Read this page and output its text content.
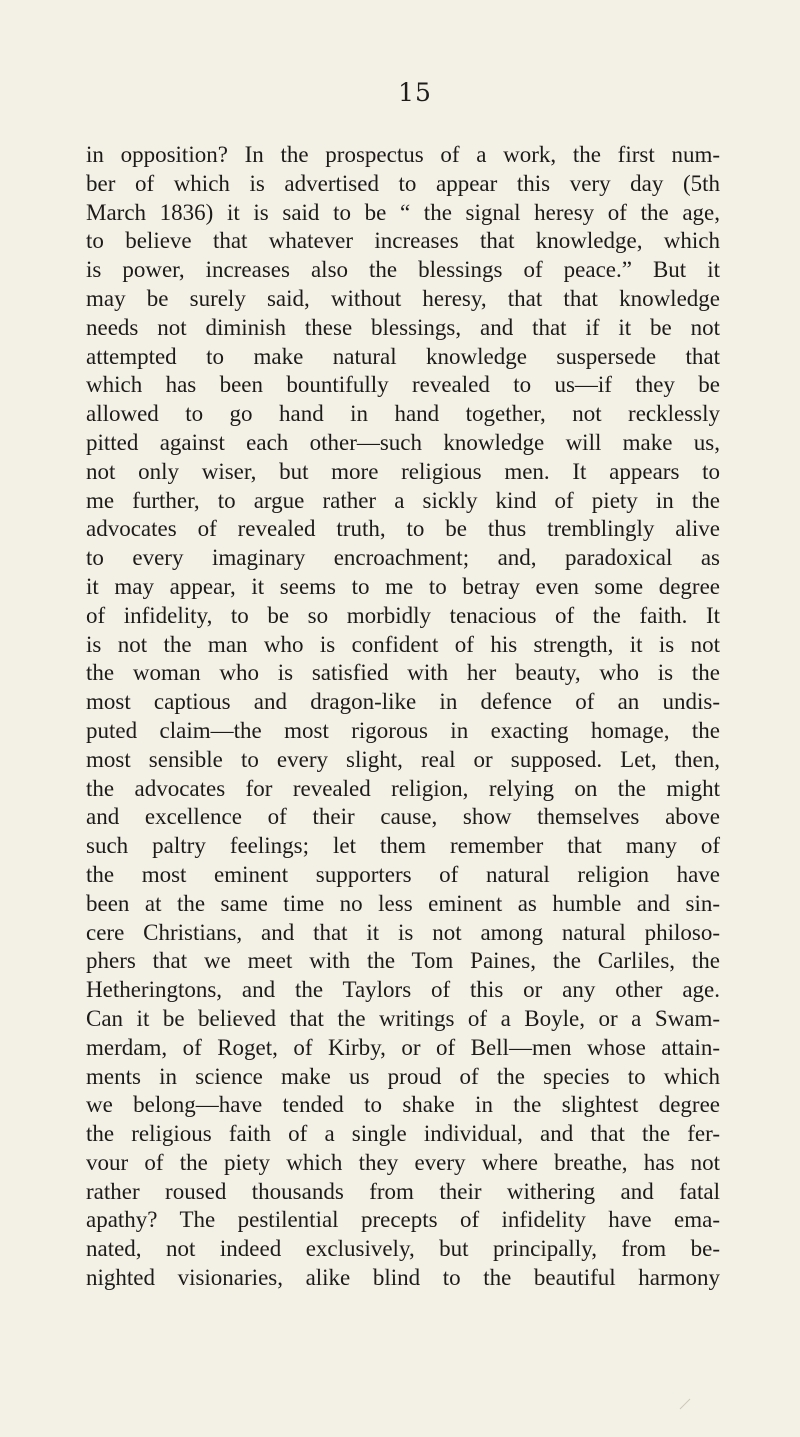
15
in opposition? In the prospectus of a work, the first num-
ber of which is advertised to appear this very day (5th
March 1836) it is said to be “ the signal heresy of the age,
to believe that whatever increases that knowledge, which
is power, increases also the blessings of peace.” But it
may be surely said, without heresy, that that knowledge
needs not diminish these blessings, and that if it be not
attempted to make natural knowledge suspersede that
which has been bountifully revealed to us—if they be
allowed to go hand in hand together, not recklessly
pitted against each other—such knowledge will make us,
not only wiser, but more religious men. It appears to
me further, to argue rather a sickly kind of piety in the
advocates of revealed truth, to be thus tremblingly alive
to every imaginary encroachment; and, paradoxical as
it may appear, it seems to me to betray even some degree
of infidelity, to be so morbidly tenacious of the faith. It
is not the man who is confident of his strength, it is not
the woman who is satisfied with her beauty, who is the
most captious and dragon-like in defence of an undis-
puted claim—the most rigorous in exacting homage, the
most sensible to every slight, real or supposed. Let, then,
the advocates for revealed religion, relying on the might
and excellence of their cause, show themselves above
such paltry feelings; let them remember that many of
the most eminent supporters of natural religion have
been at the same time no less eminent as humble and sin-
cere Christians, and that it is not among natural philoso-
phers that we meet with the Tom Paines, the Carliles, the
Hetheringtons, and the Taylors of this or any other age.
Can it be believed that the writings of a Boyle, or a Swam-
merdam, of Roget, of Kirby, or of Bell—men whose attain-
ments in science make us proud of the species to which
we belong—have tended to shake in the slightest degree
the religious faith of a single individual, and that the fer-
vour of the piety which they every where breathe, has not
rather roused thousands from their withering and fatal
apathy? The pestilential precepts of infidelity have ema-
nated, not indeed exclusively, but principally, from be-
nighted visionaries, alike blind to the beautiful harmony
